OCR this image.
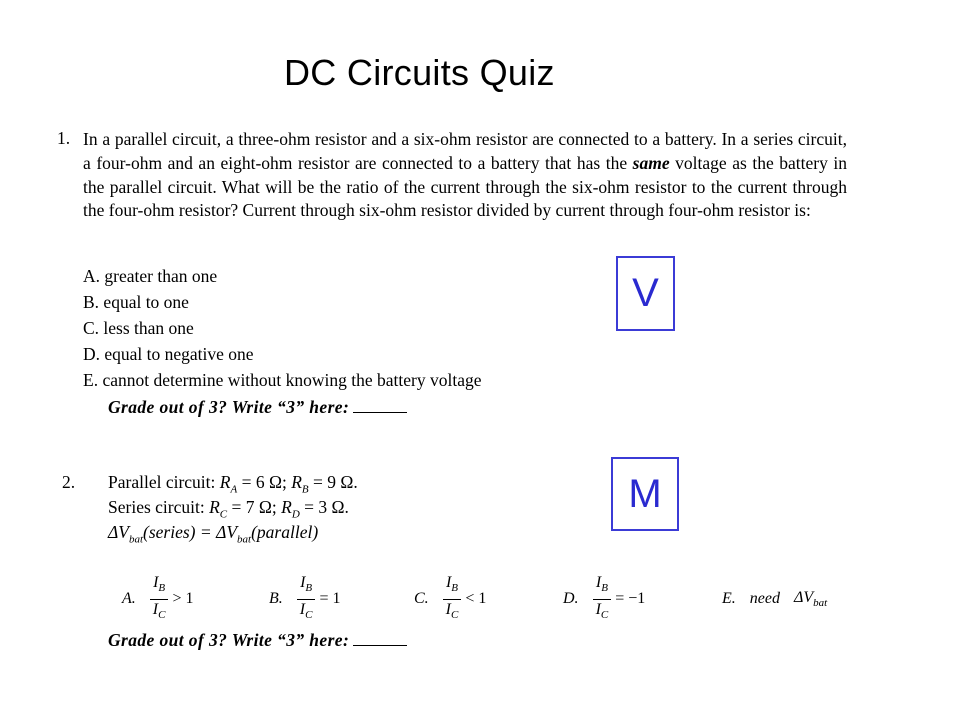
DC Circuits Quiz
1. In a parallel circuit, a three-ohm resistor and a six-ohm resistor are connected to a battery. In a series circuit, a four-ohm and an eight-ohm resistor are connected to a battery that has the same voltage as the battery in the parallel circuit. What will be the ratio of the current through the six-ohm resistor to the current through the four-ohm resistor? Current through six-ohm resistor divided by current through four-ohm resistor is:
A. greater than one
B. equal to one
C. less than one
D. equal to negative one
E. cannot determine without knowing the battery voltage
Grade out of 3? Write “3” here:
V
M
2. Parallel circuit: $R_A = 6$ Ω; $R_B = 9$ Ω.
Series circuit: $R_C = 7$ Ω; $R_D = 3$ Ω.
$\Delta V_{bat}(series)$ = $\Delta V_{bat}(parallel)$
A. $\frac{I_B}{I_C} > 1$	B. $\frac{I_B}{I_C} = 1$	C. $\frac{I_B}{I_C} < 1$	D. $\frac{I_B}{I_C} = -1$	E. need $\Delta V_{bat}$
Grade out of 3? Write “3” here:
